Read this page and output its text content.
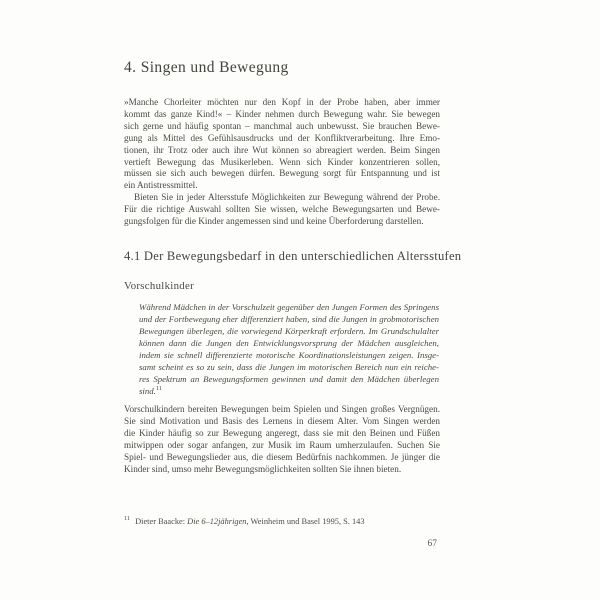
4. Singen und Bewegung
»Manche Chorleiter möchten nur den Kopf in der Probe haben, aber immer
kommt das ganze Kind!« – Kinder nehmen durch Bewegung wahr. Sie bewegen
sich gerne und häufig spontan – manchmal auch unbewusst. Sie brauchen Bewe-
gung als Mittel des Gefühlsausdrucks und der Konfliktverarbeitung. Ihre Emo-
tionen, ihr Trotz oder auch ihre Wut können so abreagiert werden. Beim Singen
vertieft Bewegung das Musikerleben. Wenn sich Kinder konzentrieren sollen,
müssen sie sich auch bewegen dürfen. Bewegung sorgt für Entspannung und ist
ein Antistressmittel.
Bieten Sie in jeder Altersstufe Möglichkeiten zur Bewegung während der Probe.
Für die richtige Auswahl sollten Sie wissen, welche Bewegungsarten und Bewe-
gungsfolgen für die Kinder angemessen sind und keine Überforderung darstellen.
4.1 Der Bewegungsbedarf in den unterschiedlichen Altersstufen
Vorschulkinder
Während Mädchen in der Vorschulzeit gegenüber den Jungen Formen des Springens
und der Fortbewegung eher differenziert haben, sind die Jungen in grobmotorischen
Bewegungen überlegen, die vorwiegend Körperkraft erfordern. Im Grundschulalter
können dann die Jungen den Entwicklungsvorsprung der Mädchen ausgleichen,
indem sie schnell differenzierte motorische Koordinationsleistungen zeigen. Insge-
samt scheint es so zu sein, dass die Jungen im motorischen Bereich nun ein reiche-
res Spektrum an Bewegungsformen gewinnen und damit den Mädchen überlegen
sind.$^{11}$
Vorschulkindern bereiten Bewegungen beim Spielen und Singen großes Vergnügen.
Sie sind Motivation und Basis des Lernens in diesem Alter. Vom Singen werden
die Kinder häufig so zur Bewegung angeregt, dass sie mit den Beinen und Füßen
mitwippen oder sogar anfangen, zur Musik im Raum umherzulaufen. Suchen Sie
Spiel- und Bewegungslieder aus, die diesem Bedürfnis nachkommen. Je jünger die
Kinder sind, umso mehr Bewegungsmöglichkeiten sollten Sie ihnen bieten.
$^{11}$ Dieter Baacke: Die 6–12jährigen, Weinheim und Basel 1995, S. 143
67
